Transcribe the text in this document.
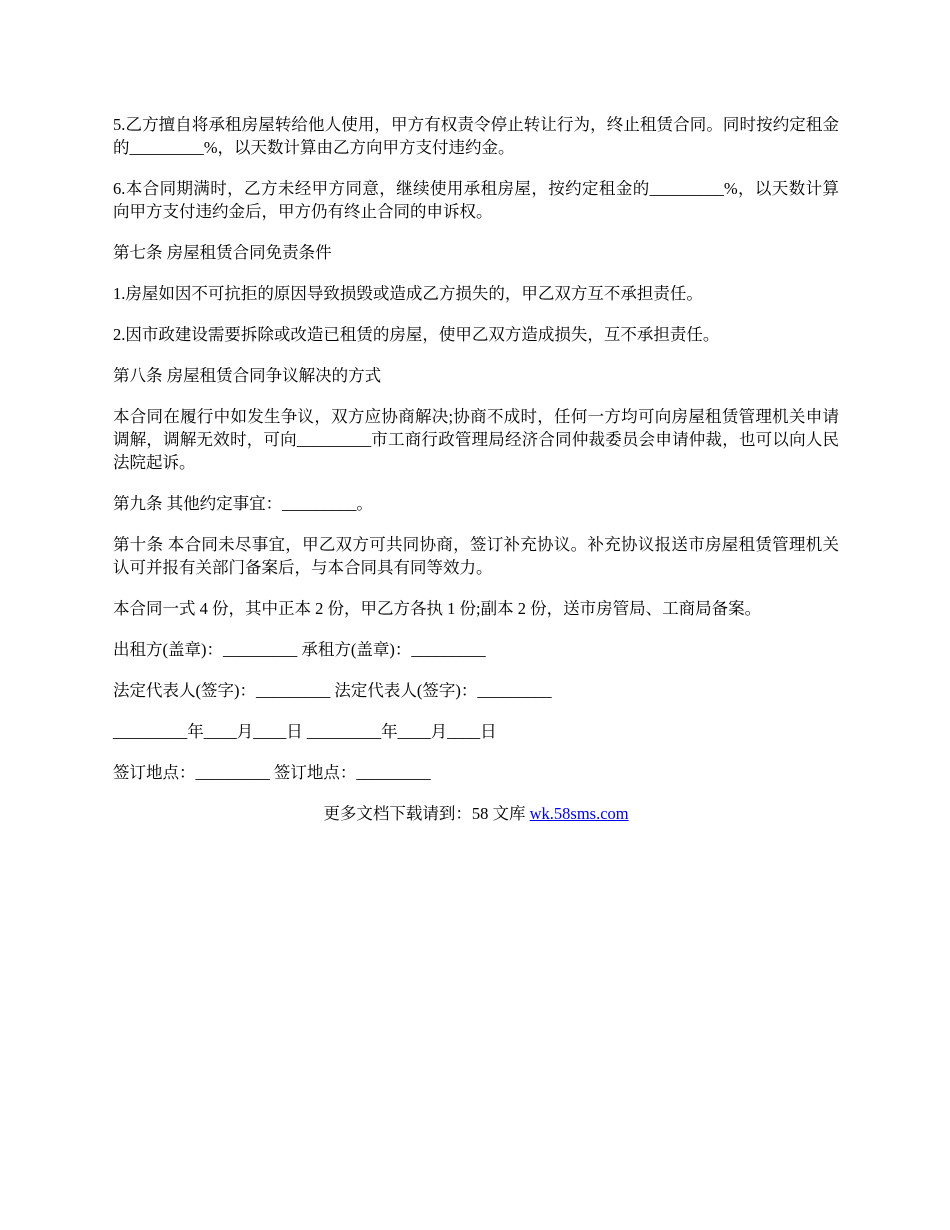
5.乙方擅自将承租房屋转给他人使用，甲方有权责令停止转让行为，终止租赁合同。同时按约定租金的_________%，以天数计算由乙方向甲方支付违约金。

6.本合同期满时，乙方未经甲方同意，继续使用承租房屋，按约定租金的_________%，以天数计算向甲方支付违约金后，甲方仍有终止合同的申诉权。

第七条 房屋租赁合同免责条件

1.房屋如因不可抗拒的原因导致损毁或造成乙方损失的，甲乙双方互不承担责任。

2.因市政建设需要拆除或改造已租赁的房屋，使甲乙双方造成损失，互不承担责任。

第八条 房屋租赁合同争议解决的方式

本合同在履行中如发生争议，双方应协商解决;协商不成时，任何一方均可向房屋租赁管理机关申请调解，调解无效时，可向_________市工商行政管理局经济合同仲裁委员会申请仲裁，也可以向人民法院起诉。

第九条 其他约定事宜：_________。

第十条 本合同未尽事宜，甲乙双方可共同协商，签订补充协议。补充协议报送市房屋租赁管理机关认可并报有关部门备案后，与本合同具有同等效力。

本合同一式 4 份，其中正本 2 份，甲乙方各执 1 份;副本 2 份，送市房管局、工商局备案。

出租方(盖章)：_________ 承租方(盖章)：_________

法定代表人(签字)：_________ 法定代表人(签字)：_________

_________年____月____日 _________年____月____日

签订地点：_________ 签订地点：_________

更多文档下载请到：58 文库 wk.58sms.com
